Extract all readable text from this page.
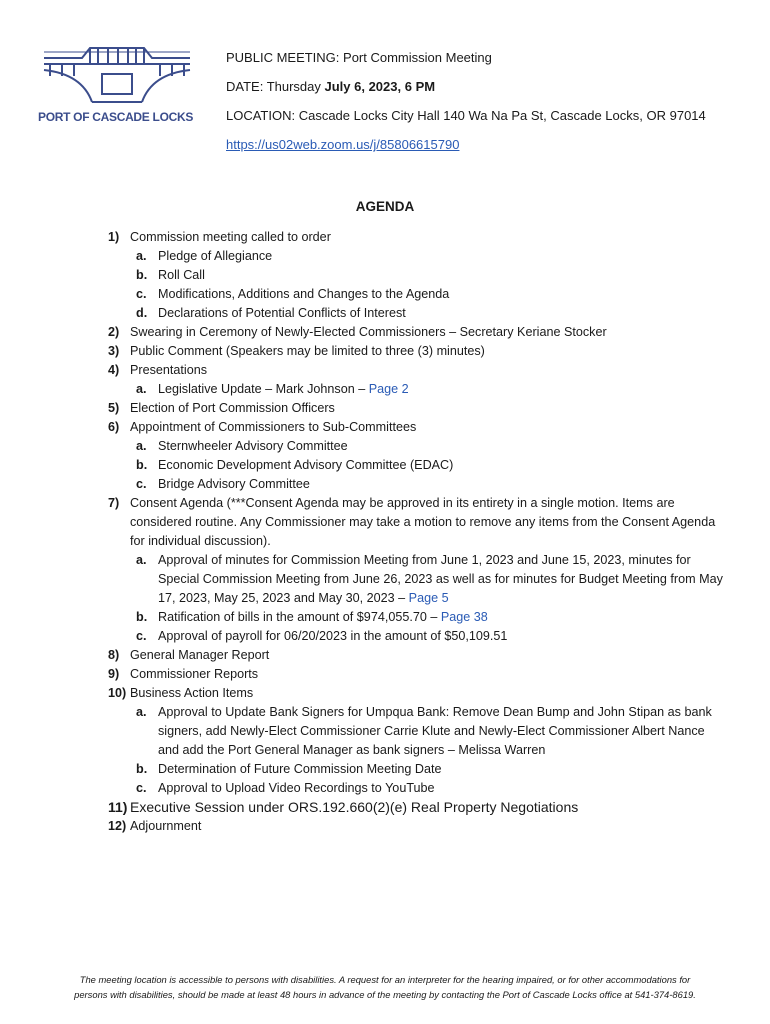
PORT OF CASCADE LOCKS
PUBLIC MEETING: Port Commission Meeting
DATE: Thursday July 6, 2023, 6 PM
LOCATION: Cascade Locks City Hall 140 Wa Na Pa St, Cascade Locks, OR 97014
https://us02web.zoom.us/j/85806615790
AGENDA
1) Commission meeting called to order
a. Pledge of Allegiance
b. Roll Call
c. Modifications, Additions and Changes to the Agenda
d. Declarations of Potential Conflicts of Interest
2) Swearing in Ceremony of Newly-Elected Commissioners – Secretary Keriane Stocker
3) Public Comment (Speakers may be limited to three (3) minutes)
4) Presentations
a. Legislative Update – Mark Johnson – Page 2
5) Election of Port Commission Officers
6) Appointment of Commissioners to Sub-Committees
a. Sternwheeler Advisory Committee
b. Economic Development Advisory Committee (EDAC)
c. Bridge Advisory Committee
7) Consent Agenda (***Consent Agenda may be approved in its entirety in a single motion. Items are considered routine. Any Commissioner may take a motion to remove any items from the Consent Agenda for individual discussion).
a. Approval of minutes for Commission Meeting from June 1, 2023 and June 15, 2023, minutes for Special Commission Meeting from June 26, 2023 as well as for minutes for Budget Meeting from May 17, 2023, May 25, 2023 and May 30, 2023 – Page 5
b. Ratification of bills in the amount of $974,055.70 – Page 38
c. Approval of payroll for 06/20/2023 in the amount of $50,109.51
8) General Manager Report
9) Commissioner Reports
10) Business Action Items
a. Approval to Update Bank Signers for Umpqua Bank: Remove Dean Bump and John Stipan as bank signers, add Newly-Elect Commissioner Carrie Klute and Newly-Elect Commissioner Albert Nance and add the Port General Manager as bank signers – Melissa Warren
b. Determination of Future Commission Meeting Date
c. Approval to Upload Video Recordings to YouTube
11) Executive Session under ORS.192.660(2)(e) Real Property Negotiations
12) Adjournment
The meeting location is accessible to persons with disabilities. A request for an interpreter for the hearing impaired, or for other accommodations for
persons with disabilities, should be made at least 48 hours in advance of the meeting by contacting the Port of Cascade Locks office at 541-374-8619.
